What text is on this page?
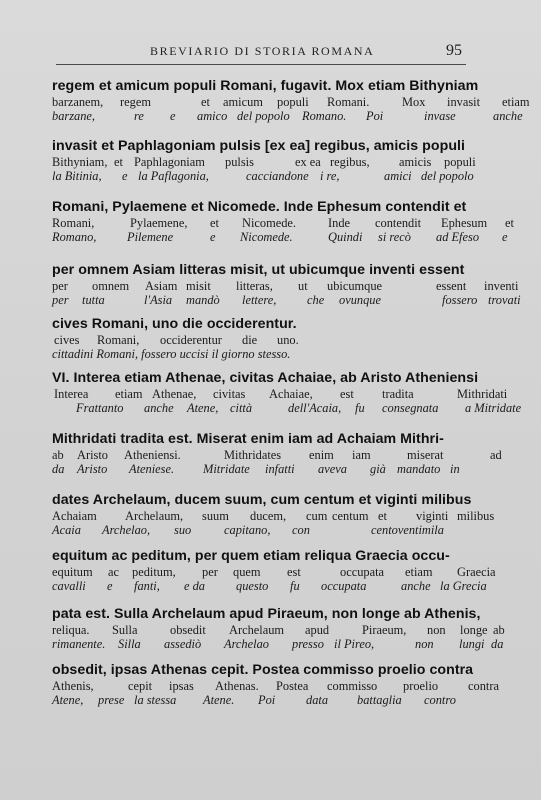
BREVIARIO DI STORIA ROMANA	95
regem et amicum populi Romani, fugavit. Mox etiam Bithyniam
barzanem, regem	et amicum populi Romani.	Mox invasit etiam
barzane,	re e amico del popolo Romano. Poi	invase	anche
invasit et Paphlagoniam pulsis [ex ea] regibus, amicis populi
Bithyniam, et Paphlagoniam pulsis	ex ea regibus, amicis populi
la Bitinia, e la Paflagonia,	cacciandone i re,	amici del popolo
Romani, Pylaemene et Nicomede. Inde Ephesum contendit et
Romani,	Pylaemene, et Nicomede.	Inde contendit Ephesum et
Romano, Pilemene	e Nicomede.	Quindi si recò ad Efeso e
per omnem Asiam litteras misit, ut ubicumque inventi essent
per omnem Asiam misit litteras, ut ubicumque	essent inventi
per tutta	l'Asia mandò lettere, che ovunque	fossero trovati
cives Romani, uno die occiderentur.
cives Romani, occiderentur die uno.
cittadini Romani, fossero uccisi il giorno stesso.
VI. Interea etiam Athenae, civitas Achaiae, ab Aristo Atheniensi
Interea etiam Athenae, civitas Achaiae, est tradita	Mithridati
Frattanto anche Atene, città	dell'Acaia, fu consegnata a Mitridate
Mithridati tradita est. Miserat enim iam ad Achaiam Mithri-
ab Aristo Atheniensi.	Mithridates enim iam	miserat	ad
da Aristo Ateniese. Mitridate infatti aveva già mandato in
dates Archelaum, ducem suum, cum centum et viginti milibus
Achaiam Archelaum, suum ducem, cum centum et viginti milibus
Acaia Archelao, suo	capitano, con	centoventimila
equitum ac peditum, per quem etiam reliqua Graecia occu-
equitum ac peditum, per quem est	occupata etiam Graecia
cavalli e fanti, e da	questo fu occupata	anche la Grecia
pata est. Sulla Archelaum apud Piraeum, non longe ab Athenis,
reliqua. Sulla	obsedit Archelaum apud	Piraeum, non longe ab
rimanente. Silla assediò Archelao presso il Pireo,	non lungi da
obsedit, ipsas Athenas cepit. Postea commisso proelio contra
Athenis,	cepit ipsas Athenas. Postea commisso proelio contra
Atene, prese la stessa Atene. Poi data battaglia contro
